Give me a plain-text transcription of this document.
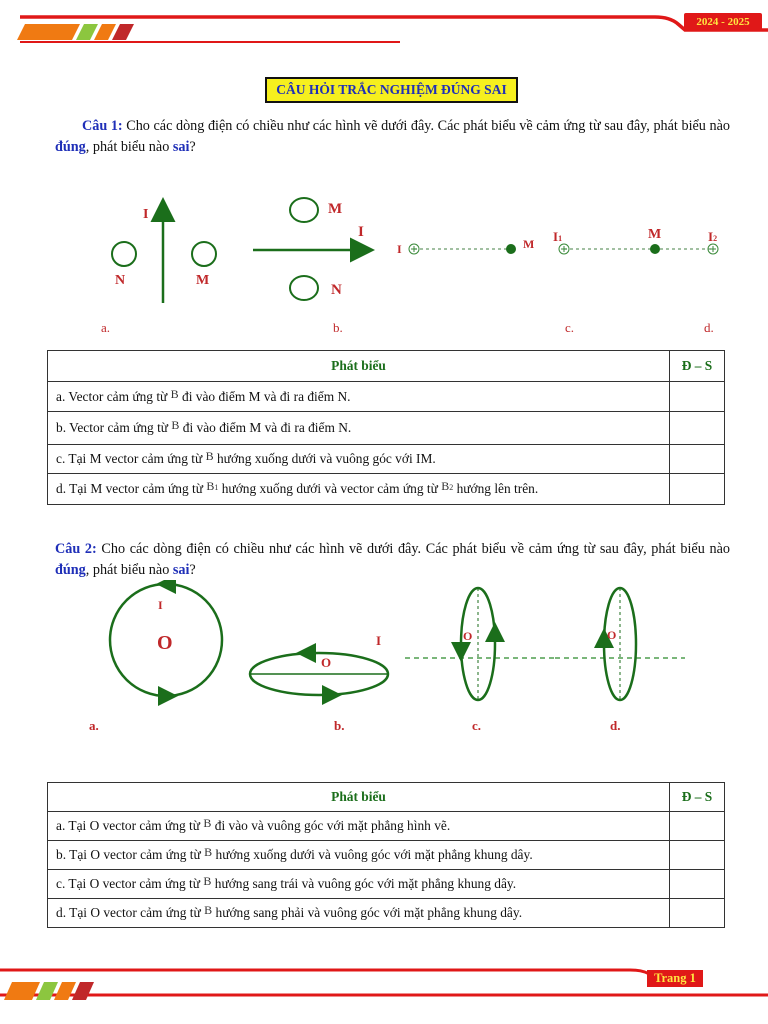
2024 - 2025
CÂU HỎI TRẮC NGHIỆM ĐÚNG SAI
Câu 1: Cho các dòng điện có chiều như các hình vẽ dưới đây. Các phát biểu về cảm ứng từ sau đây, phát biểu nào đúng, phát biểu nào sai?
I
N	M
M
I
N
I	M I1	M	I2
a.	b.	c.	d.
Phát biểu	Đ – S
a. Vector cảm ứng từ B đi vào điểm M và đi ra điểm N.	
b. Vector cảm ứng từ B đi vào điểm M và đi ra điểm N.	
c. Tại M vector cảm ứng từ B hướng xuống dưới và vuông góc với IM.	
d. Tại M vector cảm ứng từ B1 hướng xuống dưới và vector cảm ứng từ B2 hướng lên trên.	
Câu 2: Cho các dòng điện có chiều như các hình vẽ dưới đây. Các phát biểu về cảm ứng từ sau đây, phát biểu nào đúng, phát biểu nào sai?
I
O	I
O
O	O
a.	b.	c.	d.
Phát biểu	Đ – S
a. Tại O vector cảm ứng từ B đi vào và vuông góc với mặt phẳng hình vẽ.	
b. Tại O vector cảm ứng từ B hướng xuống dưới và vuông góc với mặt phẳng khung dây.	
c. Tại O vector cảm ứng từ B hướng sang trái và vuông góc với mặt phẳng khung dây.	
d. Tại O vector cảm ứng từ B hướng sang phải và vuông góc với mặt phẳng khung dây.	
Trang 1
